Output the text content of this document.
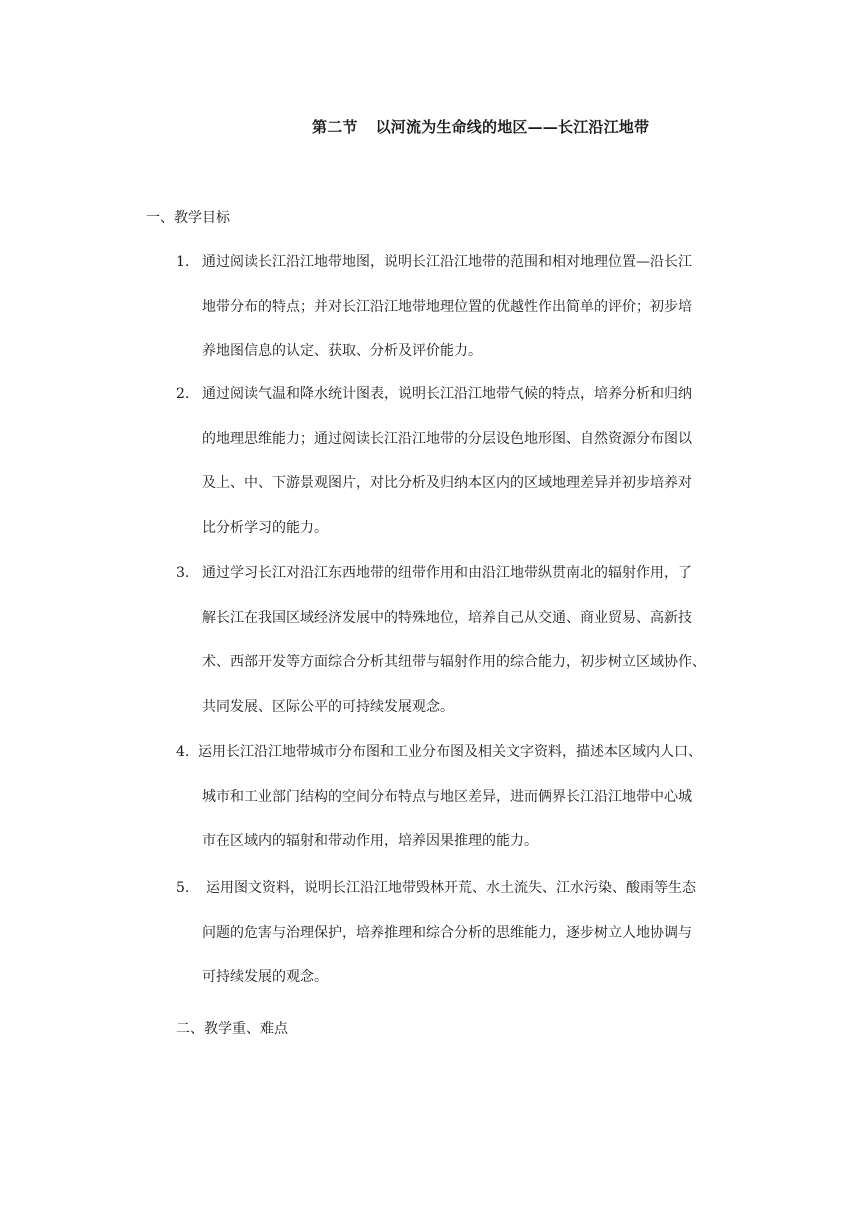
第二节 以河流为生命线的地区——长江沿江地带
一、教学目标
1. 通过阅读长江沿江地带地图，说明长江沿江地带的范围和相对地理位置—沿长江
地带分布的特点；并对长江沿江地带地理位置的优越性作出简单的评价；初步培
养地图信息的认定、获取、分析及评价能力。
2. 通过阅读气温和降水统计图表，说明长江沿江地带气候的特点，培养分析和归纳
的地理思维能力；通过阅读长江沿江地带的分层设色地形图、自然资源分布图以
及上、中、下游景观图片，对比分析及归纳本区内的区域地理差异并初步培养对
比分析学习的能力。
3. 通过学习长江对沿江东西地带的纽带作用和由沿江地带纵贯南北的辐射作用，了
解长江在我国区域经济发展中的特殊地位，培养自己从交通、商业贸易、高新技
术、西部开发等方面综合分析其纽带与辐射作用的综合能力，初步树立区域协作、
共同发展、区际公平的可持续发展观念。
4. 运用长江沿江地带城市分布图和工业分布图及相关文字资料，描述本区域内人口、
城市和工业部门结构的空间分布特点与地区差异，进而俩界长江沿江地带中心城
市在区域内的辐射和带动作用，培养因果推理的能力。
5. 运用图文资料，说明长江沿江地带毁林开荒、水土流失、江水污染、酸雨等生态
问题的危害与治理保护，培养推理和综合分析的思维能力，逐步树立人地协调与
可持续发展的观念。
二、教学重、难点
